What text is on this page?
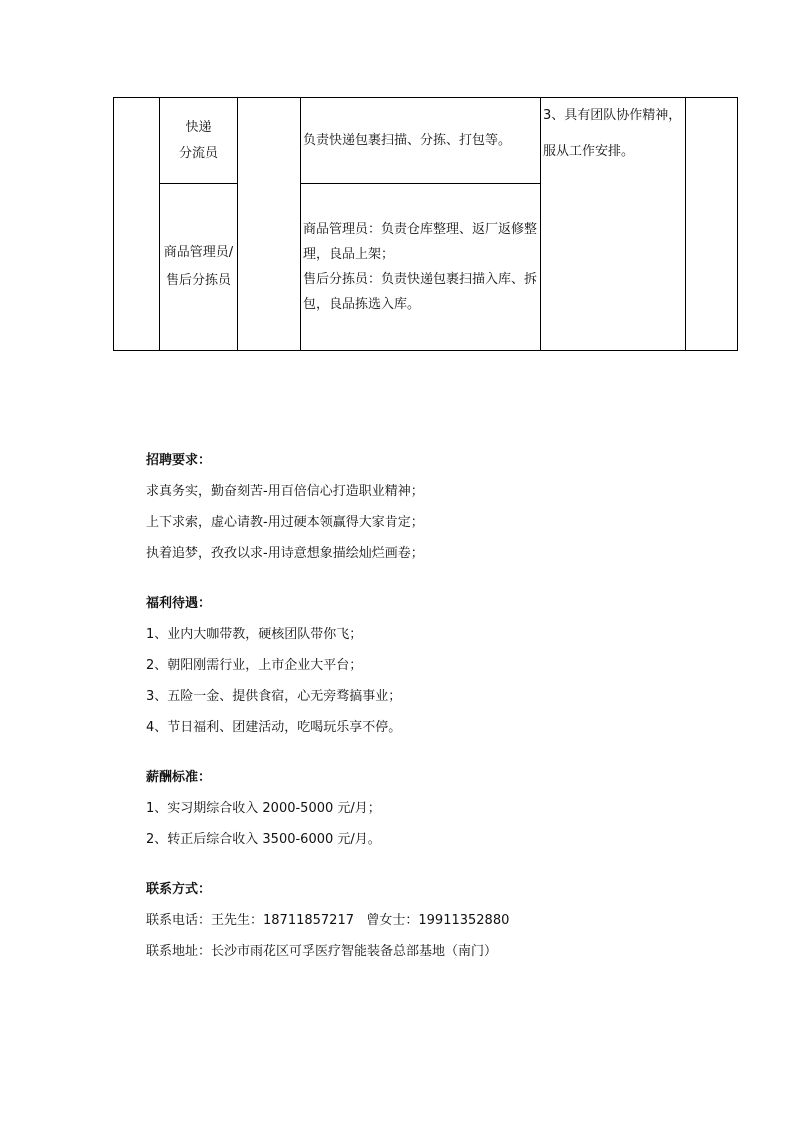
	快递
分流员		负责快递包裹扫描、分拣、打包等。	3、具有团队协作精神，
服从工作安排。	

	商品管理员/
售后分拣员		商品管理员：负责仓库整理、返厂返修整
理，良品上架；
售后分拣员：负责快递包裹扫描入库、拆
包，良品拣选入库。		

招聘要求：

求真务实，勤奋刻苦-用百倍信心打造职业精神；

上下求索，虚心请教-用过硬本领赢得大家肯定；

执着追梦，孜孜以求-用诗意想象描绘灿烂画卷；

福利待遇：

1、业内大咖带教，硬核团队带你飞；

2、朝阳刚需行业，上市企业大平台；

3、五险一金、提供食宿，心无旁骛搞事业；

4、节日福利、团建活动，吃喝玩乐享不停。

薪酬标准：

1、实习期综合收入 2000-5000 元/月；

2、转正后综合收入 3500-6000 元/月。

联系方式：

联系电话：王先生：18711857217   曾女士：19911352880

联系地址：长沙市雨花区可孚医疗智能装备总部基地（南门）
